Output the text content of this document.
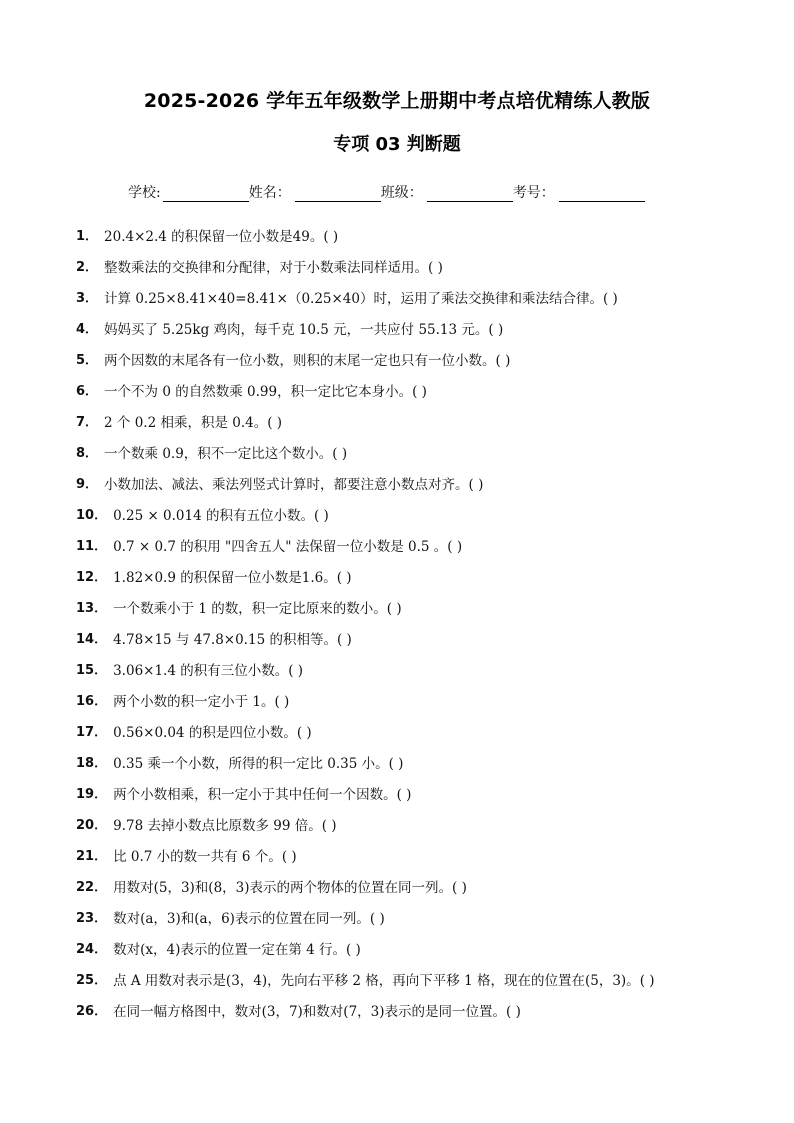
2025-2026 学年五年级数学上册期中考点培优精练人教版
专项 03 判断题
学校:	姓名：	班级：	考号：
1． 20.4×2.4 的积保留一位小数是49。( )
2． 整数乘法的交换律和分配律，对于小数乘法同样适用。( )
3． 计算 0.25×8.41×40=8.41×（0.25×40）时，运用了乘法交换律和乘法结合律。( )
4． 妈妈买了 5.25kg 鸡肉，每千克 10.5 元，一共应付 55.13 元。( )
5． 两个因数的末尾各有一位小数，则积的末尾一定也只有一位小数。( )
6． 一个不为 0 的自然数乘 0.99，积一定比它本身小。( )
7． 2 个 0.2 相乘，积是 0.4。( )
8． 一个数乘 0.9，积不一定比这个数小。( )
9． 小数加法、减法、乘法列竖式计算时，都要注意小数点对齐。( )
10． 0.25 × 0.014 的积有五位小数。( )
11． 0.7 × 0.7 的积用 "四舍五人" 法保留一位小数是 0.5 。( )
12． 1.82×0.9 的积保留一位小数是1.6。( )
13． 一个数乘小于 1 的数，积一定比原来的数小。( )
14． 4.78×15 与 47.8×0.15 的积相等。( )
15． 3.06×1.4 的积有三位小数。( )
16． 两个小数的积一定小于 1。( )
17． 0.56×0.04 的积是四位小数。( )
18． 0.35 乘一个小数，所得的积一定比 0.35 小。( )
19． 两个小数相乘，积一定小于其中任何一个因数。( )
20． 9.78 去掉小数点比原数多 99 倍。( )
21． 比 0.7 小的数一共有 6 个。( )
22． 用数对(5，3)和(8，3)表示的两个物体的位置在同一列。( )
23． 数对(a，3)和(a，6)表示的位置在同一列。( )
24． 数对(x，4)表示的位置一定在第 4 行。( )
25． 点 A 用数对表示是(3，4)，先向右平移 2 格，再向下平移 1 格，现在的位置在(5，3)。( )
26． 在同一幅方格图中，数对(3，7)和数对(7，3)表示的是同一位置。( )
